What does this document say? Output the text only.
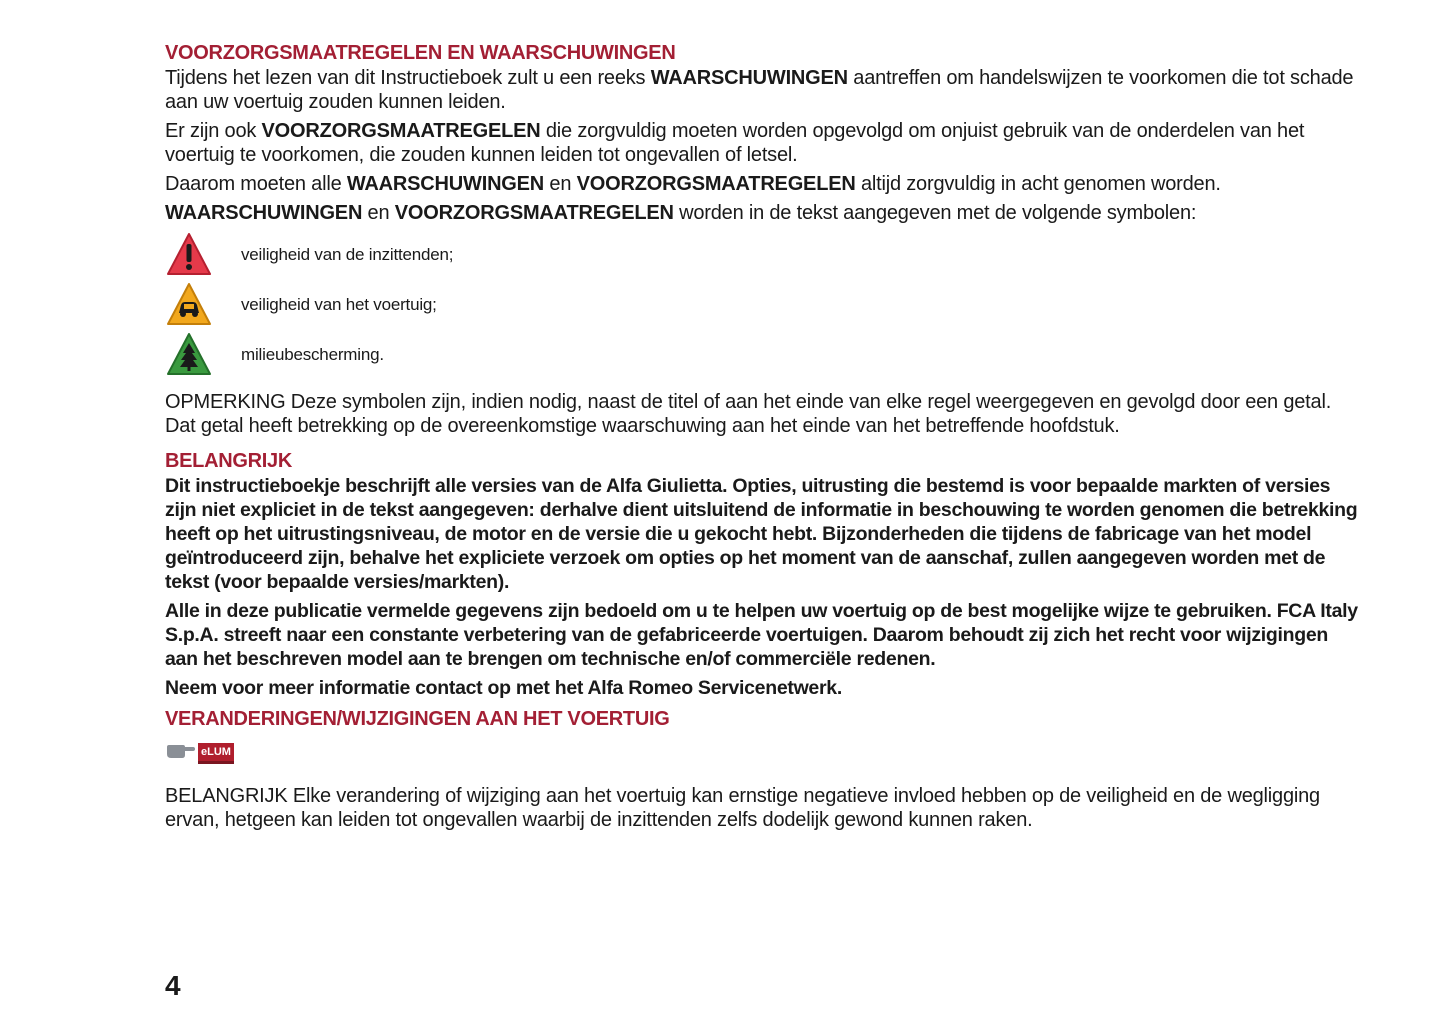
VOORZORGSMAATREGELEN EN WAARSCHUWINGEN

Tijdens het lezen van dit Instructieboek zult u een reeks WAARSCHUWINGEN aantreffen om handelswijzen te voorkomen die tot schade aan uw voertuig zouden kunnen leiden.

Er zijn ook VOORZORGSMAATREGELEN die zorgvuldig moeten worden opgevolgd om onjuist gebruik van de onderdelen van het voertuig te voorkomen, die zouden kunnen leiden tot ongevallen of letsel.

Daarom moeten alle WAARSCHUWINGEN en VOORZORGSMAATREGELEN altijd zorgvuldig in acht genomen worden.

WAARSCHUWINGEN en VOORZORGSMAATREGELEN worden in de tekst aangegeven met de volgende symbolen:

veiligheid van de inzittenden;
veiligheid van het voertuig;
milieubescherming.

OPMERKING Deze symbolen zijn, indien nodig, naast de titel of aan het einde van elke regel weergegeven en gevolgd door een getal. Dat getal heeft betrekking op de overeenkomstige waarschuwing aan het einde van het betreffende hoofdstuk.

BELANGRIJK

Dit instructieboekje beschrijft alle versies van de Alfa Giulietta. Opties, uitrusting die bestemd is voor bepaalde markten of versies zijn niet expliciet in de tekst aangegeven: derhalve dient uitsluitend de informatie in beschouwing te worden genomen die betrekking heeft op het uitrustingsniveau, de motor en de versie die u gekocht hebt. Bijzonderheden die tijdens de fabricage van het model geïntroduceerd zijn, behalve het expliciete verzoek om opties op het moment van de aanschaf, zullen aangegeven worden met de tekst (voor bepaalde versies/markten).

Alle in deze publicatie vermelde gegevens zijn bedoeld om u te helpen uw voertuig op de best mogelijke wijze te gebruiken. FCA Italy S.p.A. streeft naar een constante verbetering van de gefabriceerde voertuigen. Daarom behoudt zij zich het recht voor wijzigingen aan het beschreven model aan te brengen om technische en/of commerciële redenen.

Neem voor meer informatie contact op met het Alfa Romeo Servicenetwerk.

VERANDERINGEN/WIJZIGINGEN AAN HET VOERTUIG
eLUM

BELANGRIJK Elke verandering of wijziging aan het voertuig kan ernstige negatieve invloed hebben op de veiligheid en de wegligging ervan, hetgeen kan leiden tot ongevallen waarbij de inzittenden zelfs dodelijk gewond kunnen raken.

4
